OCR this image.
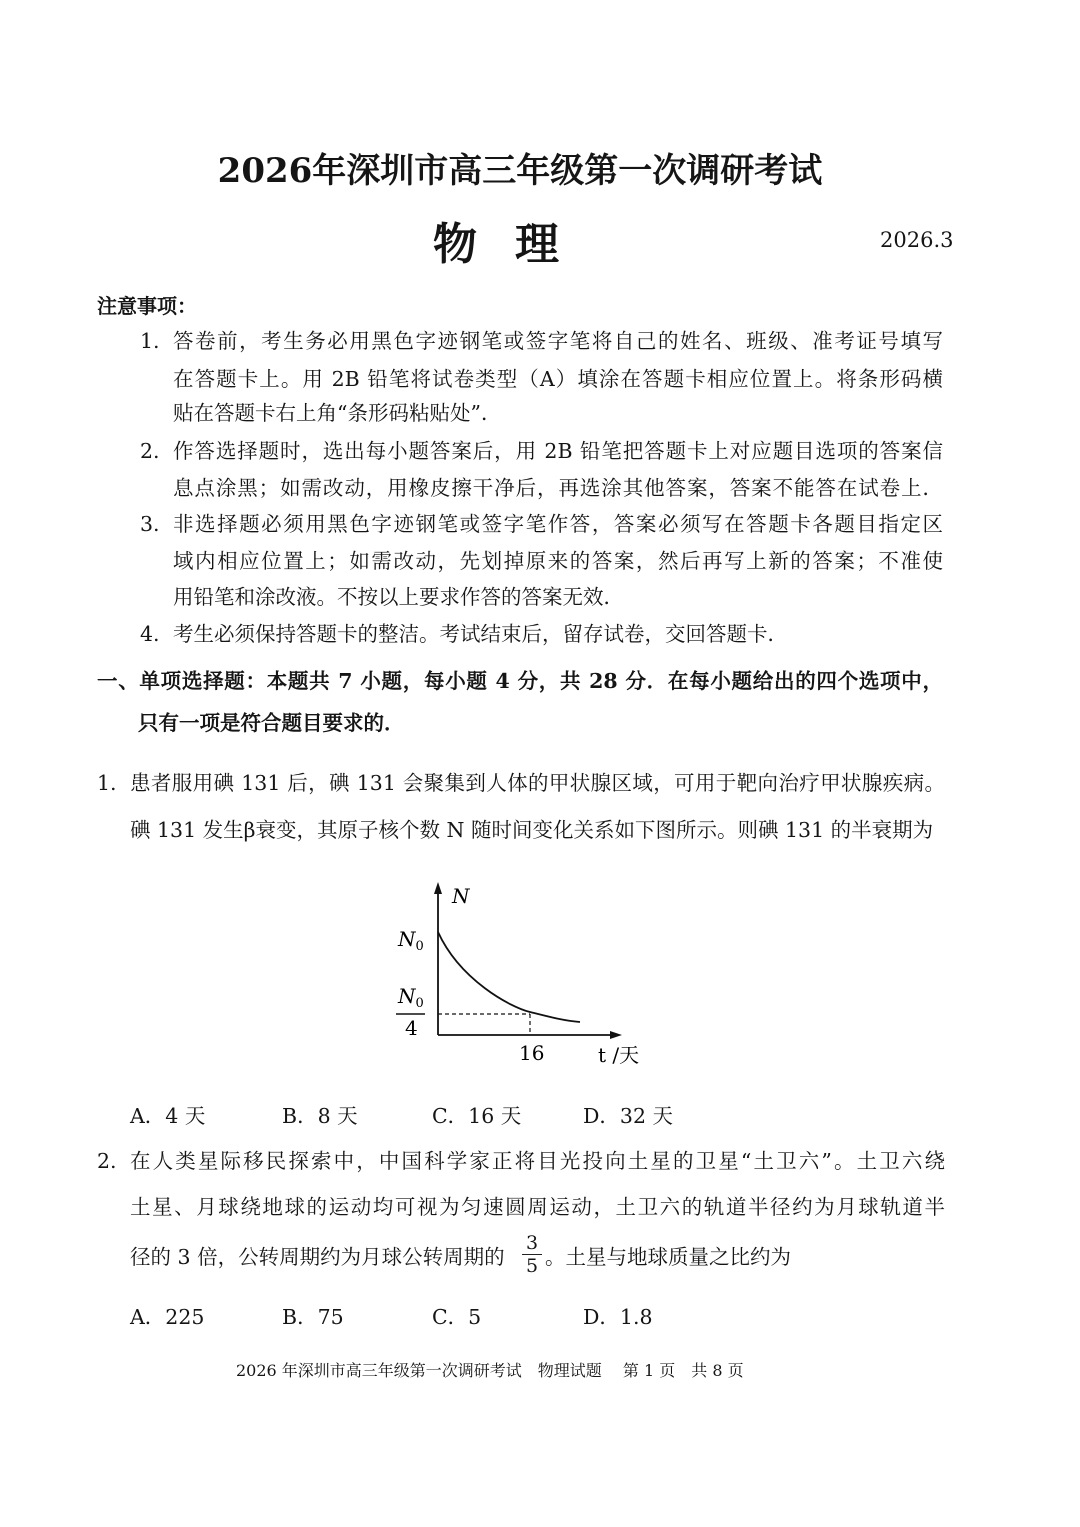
2026年深圳市高三年级第一次调研考试
物理	2026.3
注意事项：
1. 答卷前，考生务必用黑色字迹钢笔或签字笔将自己的姓名、班级、准考证号填写
在答题卡上。用 2B 铅笔将试卷类型（A）填涂在答题卡相应位置上。将条形码横
贴在答题卡右上角“条形码粘贴处”．
2. 作答选择题时，选出每小题答案后，用 2B 铅笔把答题卡上对应题目选项的答案信
息点涂黑；如需改动，用橡皮擦干净后，再选涂其他答案，答案不能答在试卷上．
3. 非选择题必须用黑色字迹钢笔或签字笔作答，答案必须写在答题卡各题目指定区
域内相应位置上；如需改动，先划掉原来的答案，然后再写上新的答案；不准使
用铅笔和涂改液。不按以上要求作答的答案无效．
4. 考生必须保持答题卡的整洁。考试结束后，留存试卷，交回答题卡．
一、单项选择题：本题共 7 小题，每小题 4 分，共 28 分．在每小题给出的四个选项中，
只有一项是符合题目要求的．
1. 患者服用碘 131 后，碘 131 会聚集到人体的甲状腺区域，可用于靶向治疗甲状腺疾病。
碘 131 发生β衰变，其原子核个数 N 随时间变化关系如下图所示。则碘 131 的半衰期为
N
$N_0$
$N_0$
4
16	t /天
A．4 天	B．8 天	C．16 天	D．32 天
2. 在人类星际移民探索中，中国科学家正将目光投向土星的卫星“土卫六”。土卫六绕
土星、月球绕地球的运动均可视为匀速圆周运动，土卫六的轨道半径约为月球轨道半
径的 3 倍，公转周期约为月球公转周期的 $\frac{3}{5}$ 。土星与地球质量之比约为
A．225	B．75	C．5	D．1.8
2026 年深圳市高三年级第一次调研考试　物理试题　 第 1 页　共 8 页
